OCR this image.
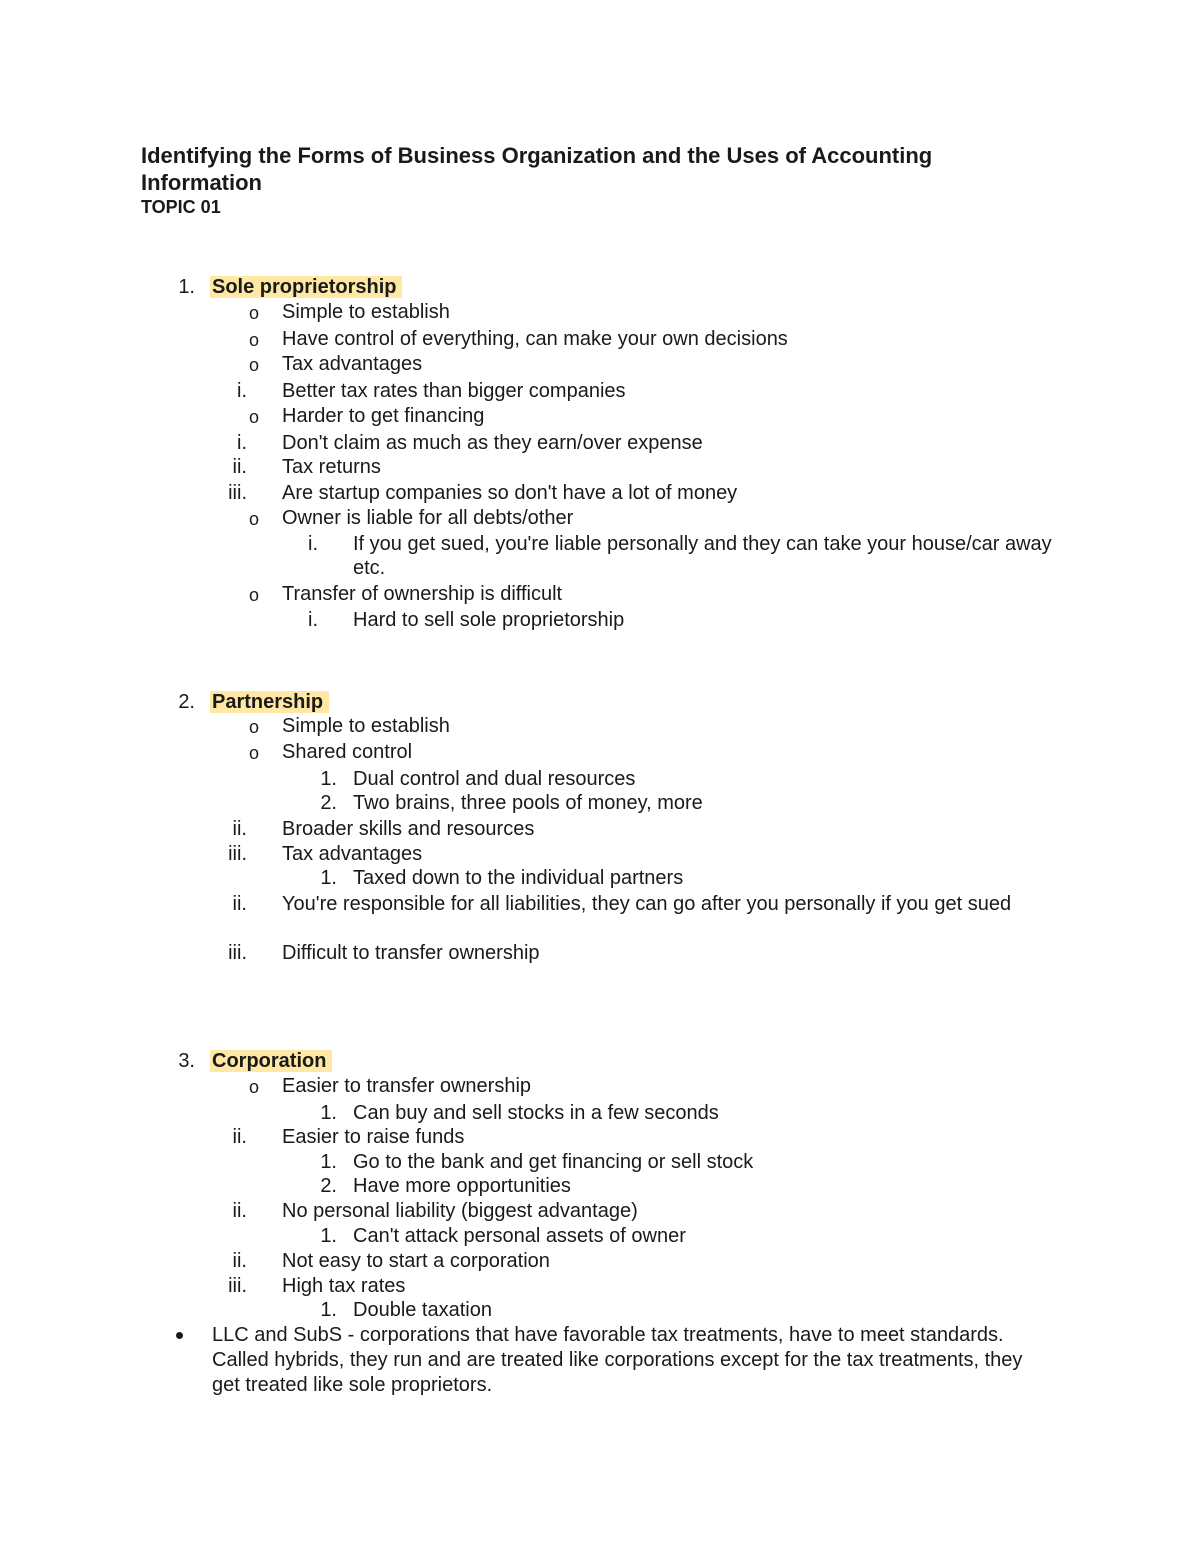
Identifying the Forms of Business Organization and the Uses of Accounting Information
TOPIC 01
1. Sole proprietorship
o Simple to establish
o Have control of everything, can make your own decisions
o Tax advantages
i. Better tax rates than bigger companies
o Harder to get financing
i. Don't claim as much as they earn/over expense
ii. Tax returns
iii. Are startup companies so don't have a lot of money
o Owner is liable for all debts/other
i. If you get sued, you're liable personally and they can take your house/car away etc.
o Transfer of ownership is difficult
i. Hard to sell sole proprietorship
2. Partnership
o Simple to establish
o Shared control
1. Dual control and dual resources
2. Two brains, three pools of money, more
ii. Broader skills and resources
iii. Tax advantages
1. Taxed down to the individual partners
ii. You're responsible for all liabilities, they can go after you personally if you get sued
iii. Difficult to transfer ownership
3. Corporation
o Easier to transfer ownership
1. Can buy and sell stocks in a few seconds
ii. Easier to raise funds
1. Go to the bank and get financing or sell stock
2. Have more opportunities
ii. No personal liability (biggest advantage)
1. Can't attack personal assets of owner
ii. Not easy to start a corporation
iii. High tax rates
1. Double taxation
LLC and SubS - corporations that have favorable tax treatments, have to meet standards. Called hybrids, they run and are treated like corporations except for the tax treatments, they get treated like sole proprietors.
